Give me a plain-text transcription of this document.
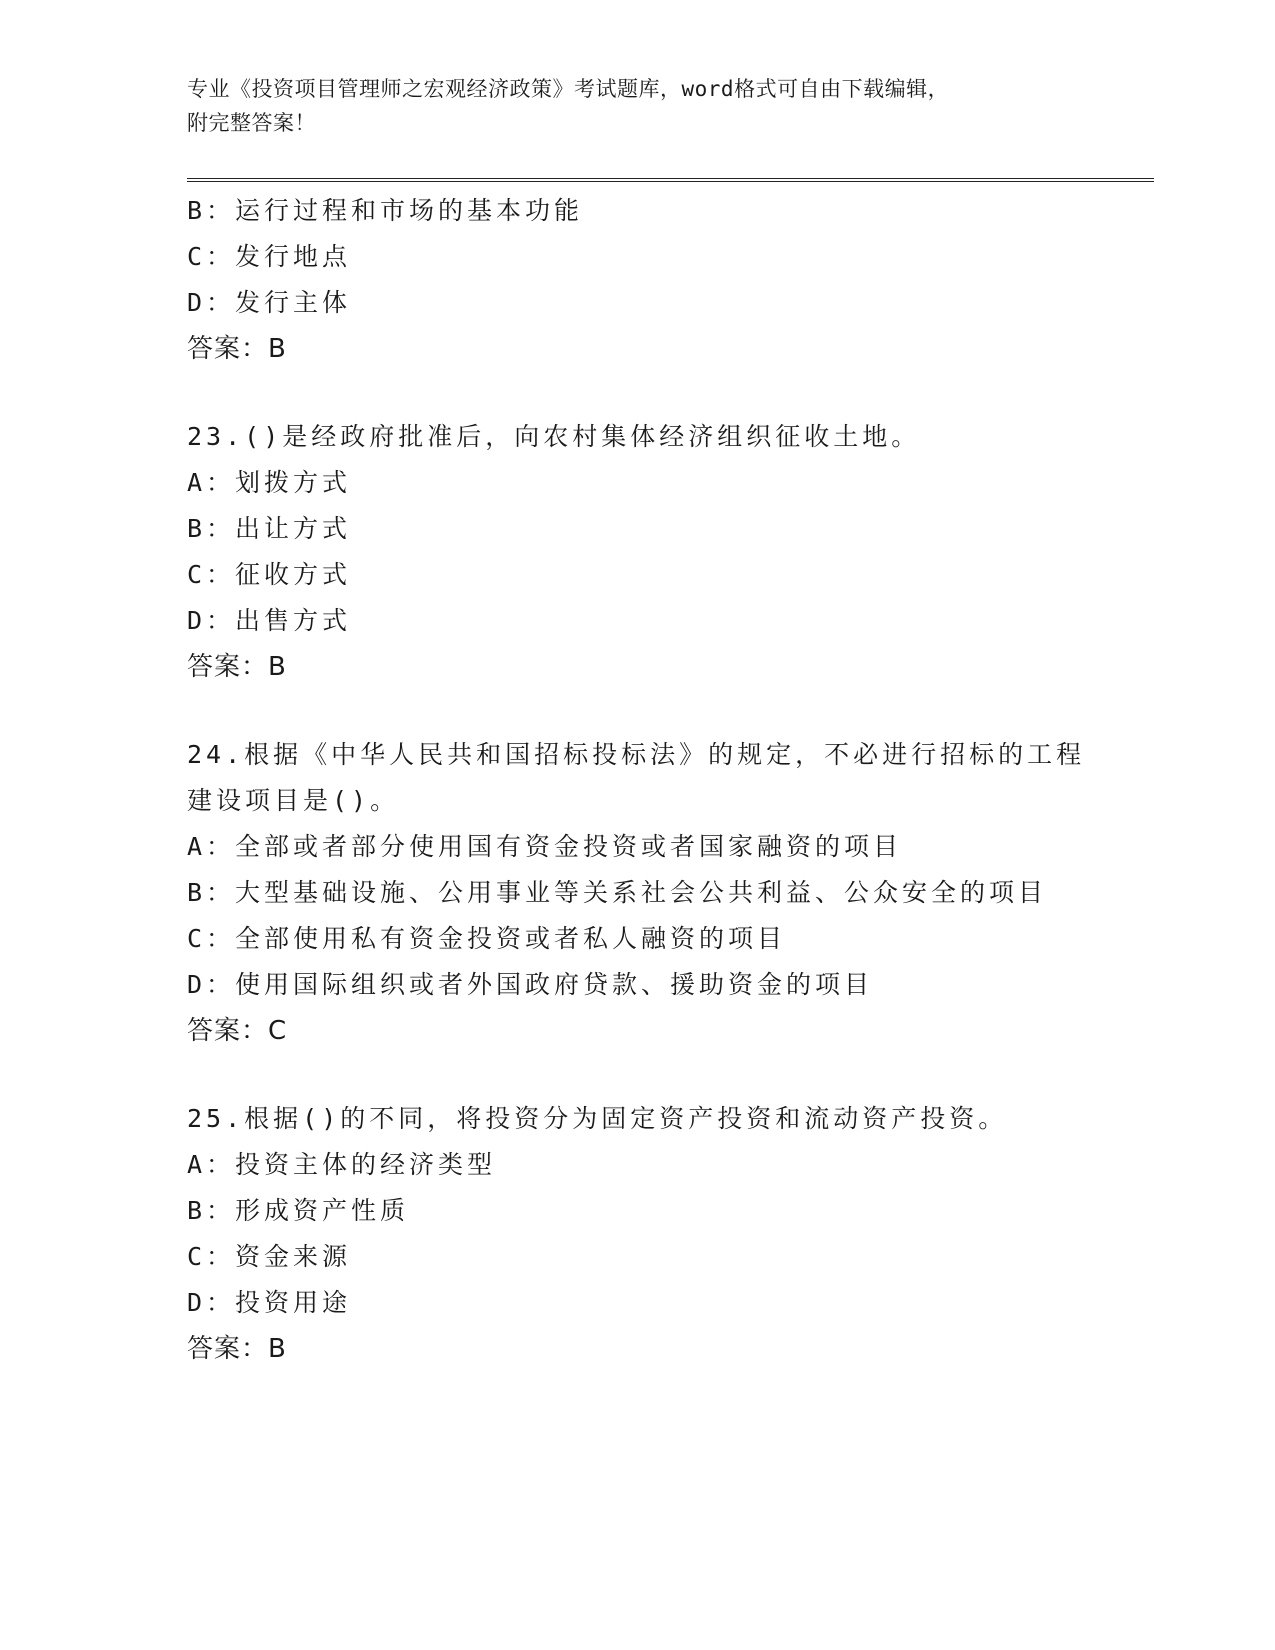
专业《投资项目管理师之宏观经济政策》考试题库，word格式可自由下载编辑，
附完整答案！
B：运行过程和市场的基本功能
C：发行地点
D：发行主体
答案：B
23.()是经政府批准后，向农村集体经济组织征收土地。
A：划拨方式
B：出让方式
C：征收方式
D：出售方式
答案：B
24.根据《中华人民共和国招标投标法》的规定，不必进行招标的工程
建设项目是()。
A：全部或者部分使用国有资金投资或者国家融资的项目
B：大型基础设施、公用事业等关系社会公共利益、公众安全的项目
C：全部使用私有资金投资或者私人融资的项目
D：使用国际组织或者外国政府贷款、援助资金的项目
答案：C
25.根据()的不同，将投资分为固定资产投资和流动资产投资。
A：投资主体的经济类型
B：形成资产性质
C：资金来源
D：投资用途
答案：B
